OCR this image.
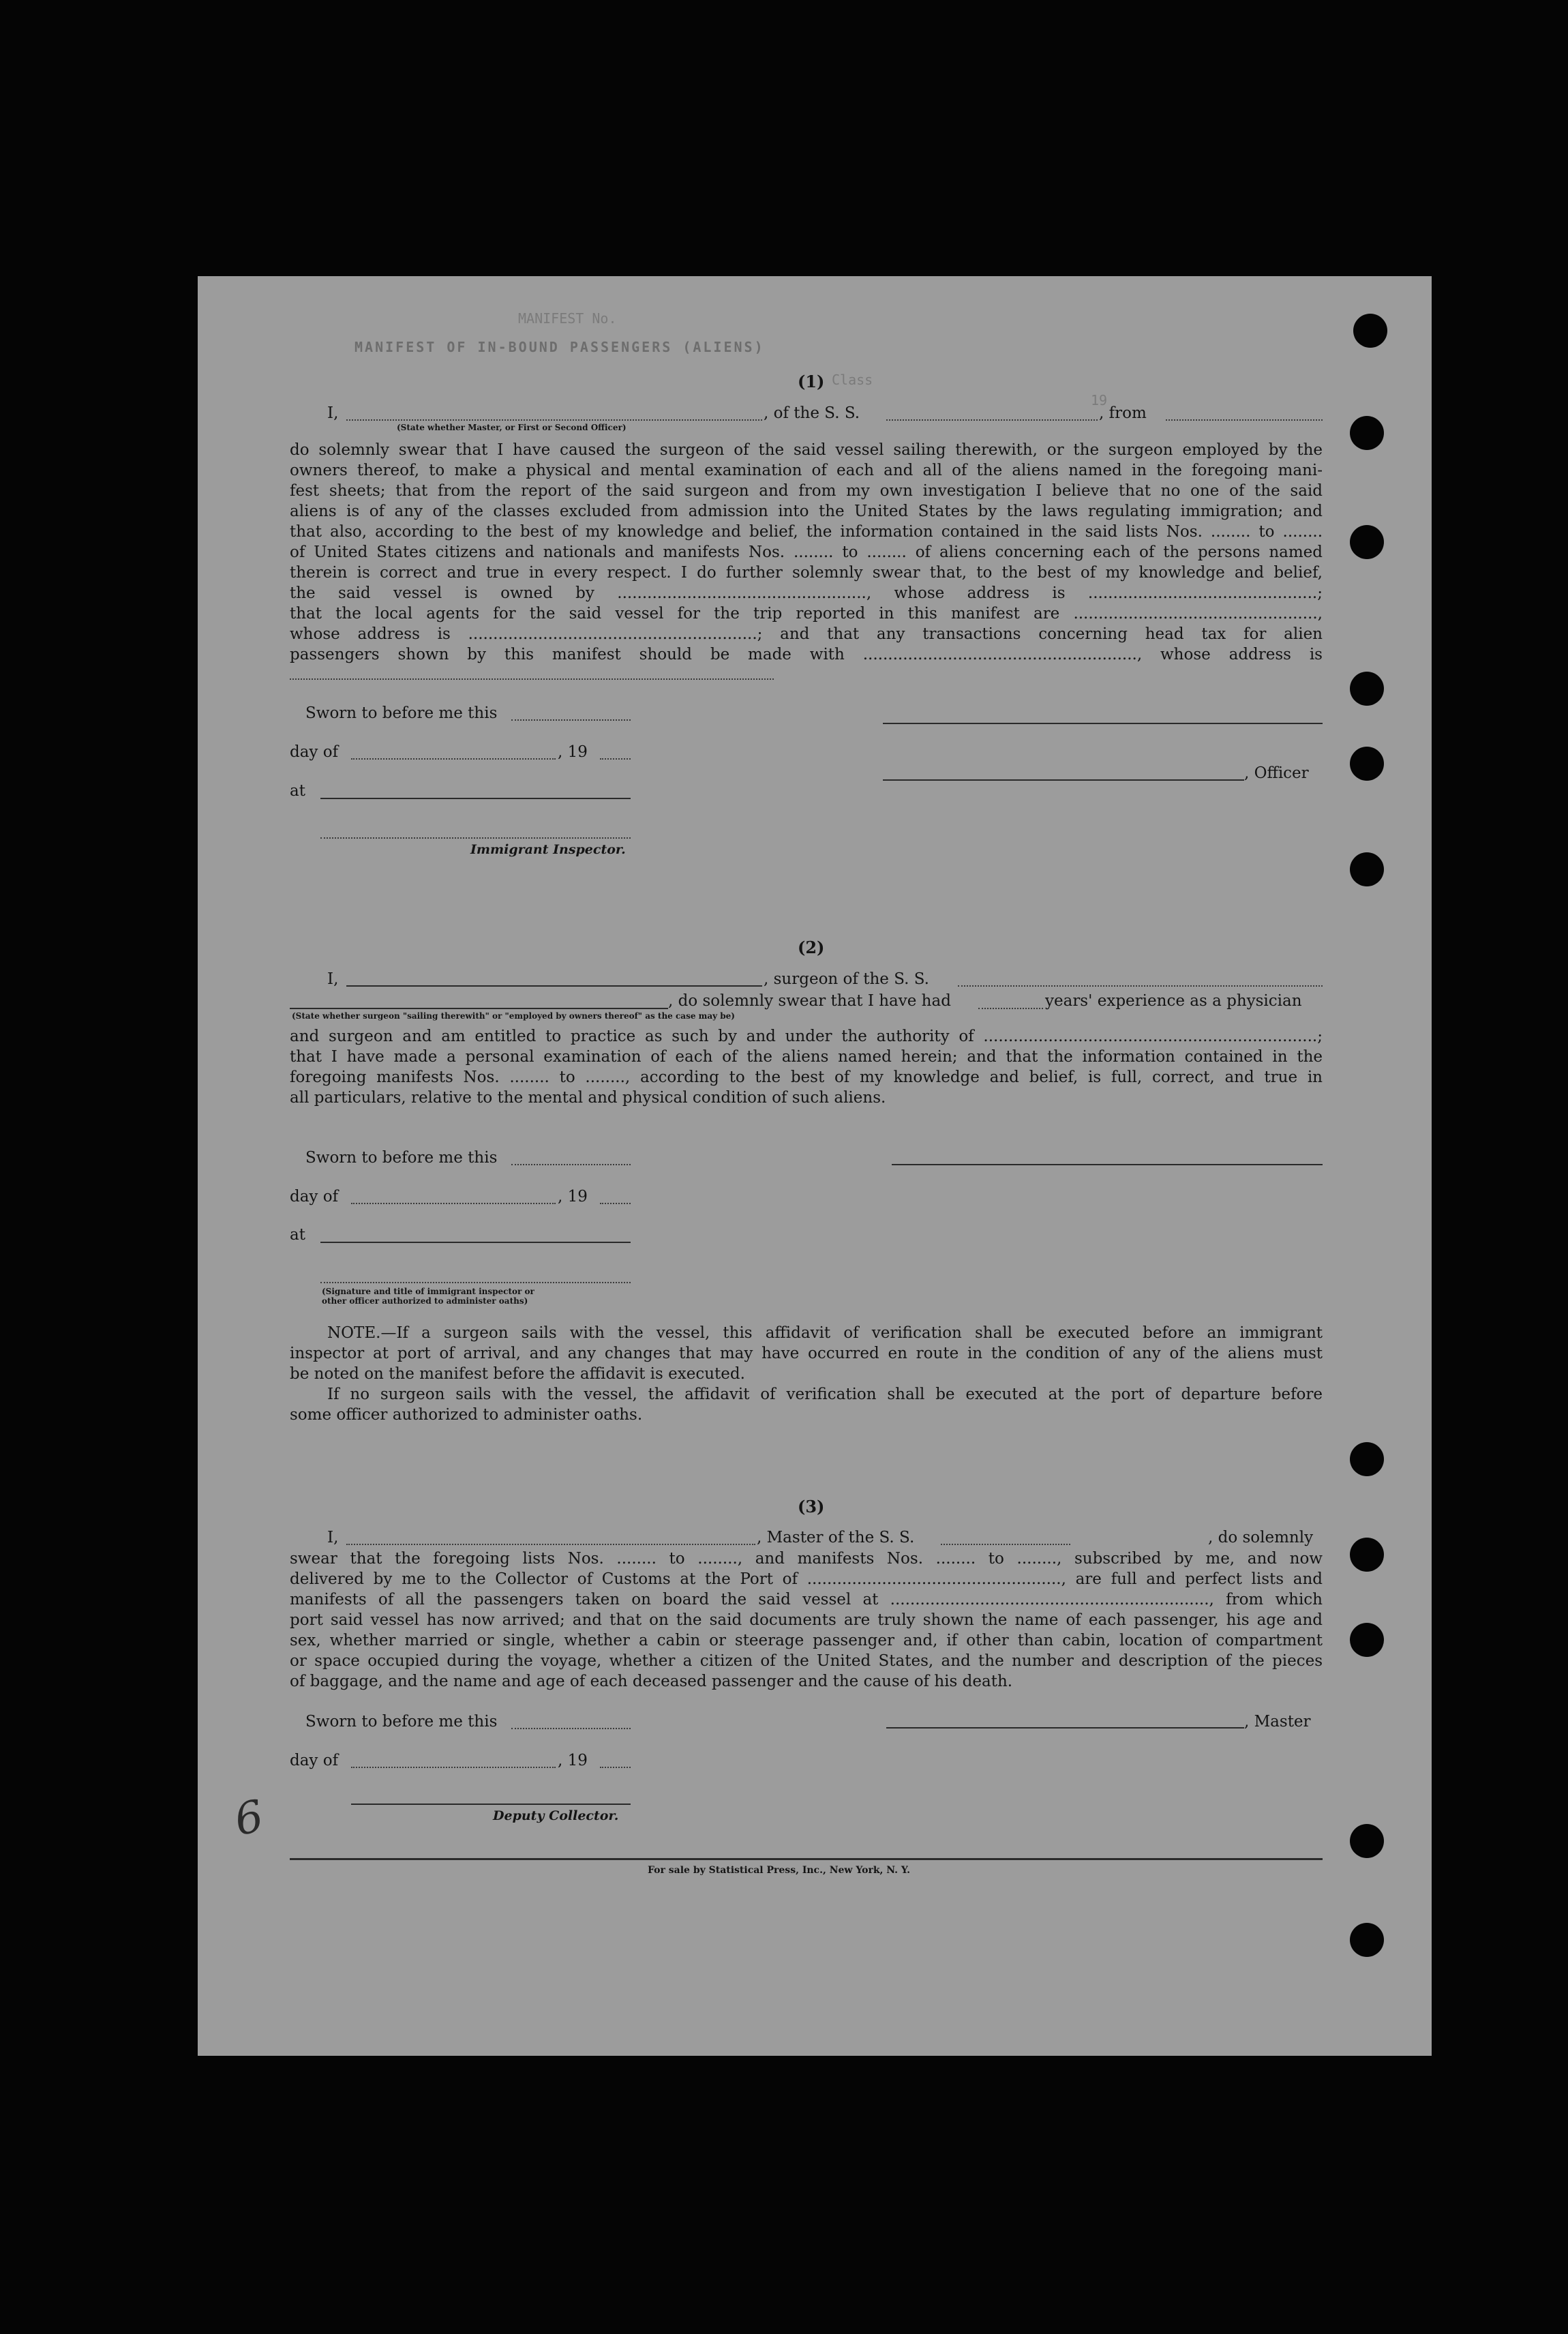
MANIFEST No.
MANIFEST OF IN-BOUND PASSENGERS (ALIENS)
Class
19
(1)
I,	, of the S. S.	, from
(State whether Master, or First or Second Officer)

do solemnly swear that I have caused the surgeon of the said vessel sailing therewith, or the surgeon employed by the

owners thereof, to make a physical and mental examination of each and all of the aliens named in the foregoing mani-

fest sheets; that from the report of the said surgeon and from my own investigation I believe that no one of the said

aliens is of any of the classes excluded from admission into the United States by the laws regulating immigration; and

that also, according to the best of my knowledge and belief, the information contained in the said lists Nos. ........ to ........

of United States citizens and nationals and manifests Nos. ........ to ........ of aliens concerning each of the persons named

therein is correct and true in every respect. I do further solemnly swear that, to the best of my knowledge and belief,

the said vessel is owned by .................................................., whose address is ..............................................;

that the local agents for the said vessel for the trip reported in this manifest are .................................................,

whose address is ..........................................................; and that any transactions concerning head tax for alien

passengers shown by this manifest should be made with ......................................................., whose address is

Sworn to before me this
day of	, 19
at
Immigrant Inspector.
, Officer
(2)
I,	, surgeon of the S. S.
, do solemnly swear that I have had	years' experience as a physician
(State whether surgeon "sailing therewith" or "employed by owners thereof" as the case may be)

and surgeon and am entitled to practice as such by and under the authority of ...................................................................;

that I have made a personal examination of each of the aliens named herein; and that the information contained in the

foregoing manifests Nos. ........ to ........, according to the best of my knowledge and belief, is full, correct, and true in

all particulars, relative to the mental and physical condition of such aliens.

Sworn to before me this
day of	, 19
at
(Signature and title of immigrant inspector or
other officer authorized to administer oaths)

NOTE.—If a surgeon sails with the vessel, this affidavit of verification shall be executed before an immigrant

inspector at port of arrival, and any changes that may have occurred en route in the condition of any of the aliens must

be noted on the manifest before the affidavit is executed.

If no surgeon sails with the vessel, the affidavit of verification shall be executed at the port of departure before

some officer authorized to administer oaths.

(3)
I,	, Master of the S. S.	, do solemnly

swear that the foregoing lists Nos. ........ to ........, and manifests Nos. ........ to ........, subscribed by me, and now

delivered by me to the Collector of Customs at the Port of ..................................................., are full and perfect lists and

manifests of all the passengers taken on board the said vessel at ................................................................, from which

port said vessel has now arrived; and that on the said documents are truly shown the name of each passenger, his age and

sex, whether married or single, whether a cabin or steerage passenger and, if other than cabin, location of compartment

or space occupied during the voyage, whether a citizen of the United States, and the number and description of the pieces

of baggage, and the name and age of each deceased passenger and the cause of his death.

Sworn to before me this
day of	, 19
Deputy Collector.
, Master
6
For sale by Statistical Press, Inc., New York, N. Y.
